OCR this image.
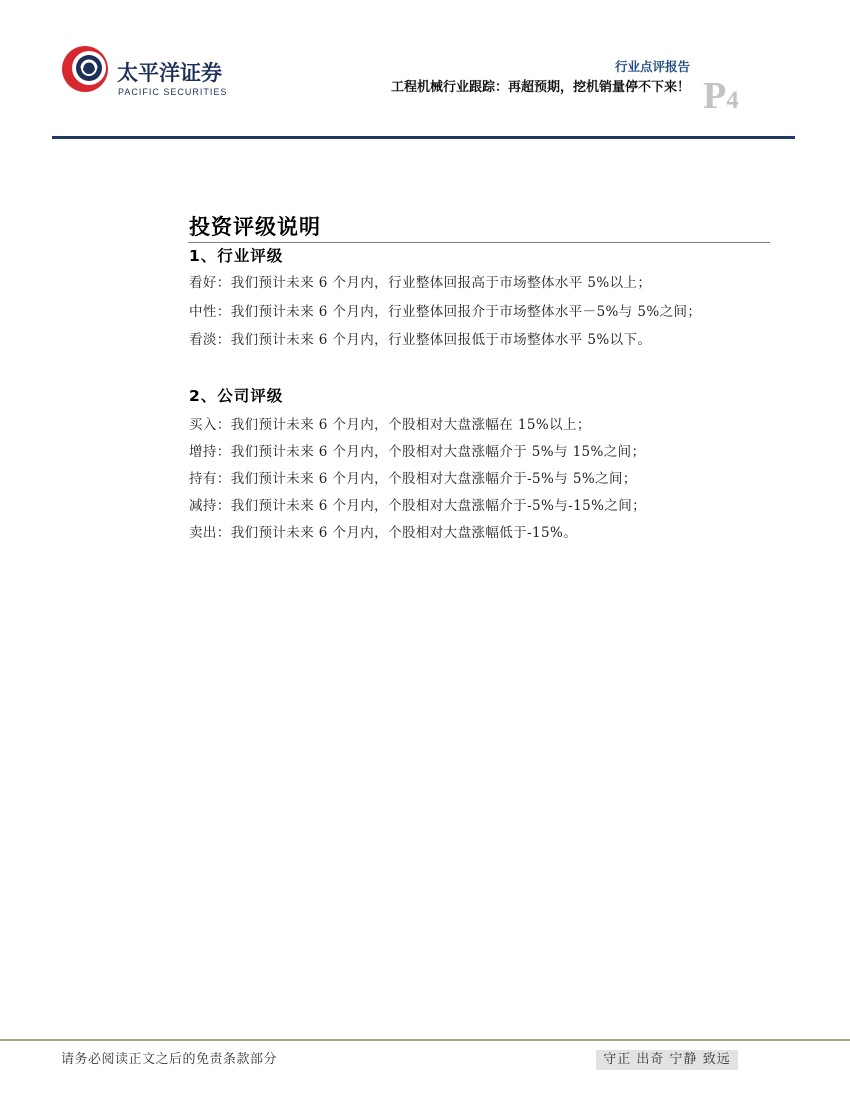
太平洋证券
PACIFIC SECURITIES
行业点评报告
工程机械行业跟踪：再超预期，挖机销量停不下来！ P4
投资评级说明
1、行业评级
看好：我们预计未来 6 个月内，行业整体回报高于市场整体水平 5%以上；
中性：我们预计未来 6 个月内，行业整体回报介于市场整体水平－5%与 5%之间；
看淡：我们预计未来 6 个月内，行业整体回报低于市场整体水平 5%以下。
2、公司评级
买入：我们预计未来 6 个月内，个股相对大盘涨幅在 15%以上；
增持：我们预计未来 6 个月内，个股相对大盘涨幅介于 5%与 15%之间；
持有：我们预计未来 6 个月内，个股相对大盘涨幅介于-5%与 5%之间；
减持：我们预计未来 6 个月内，个股相对大盘涨幅介于-5%与-15%之间；
卖出：我们预计未来 6 个月内，个股相对大盘涨幅低于-15%。
请务必阅读正文之后的免责条款部分	守正 出奇 宁静 致远
